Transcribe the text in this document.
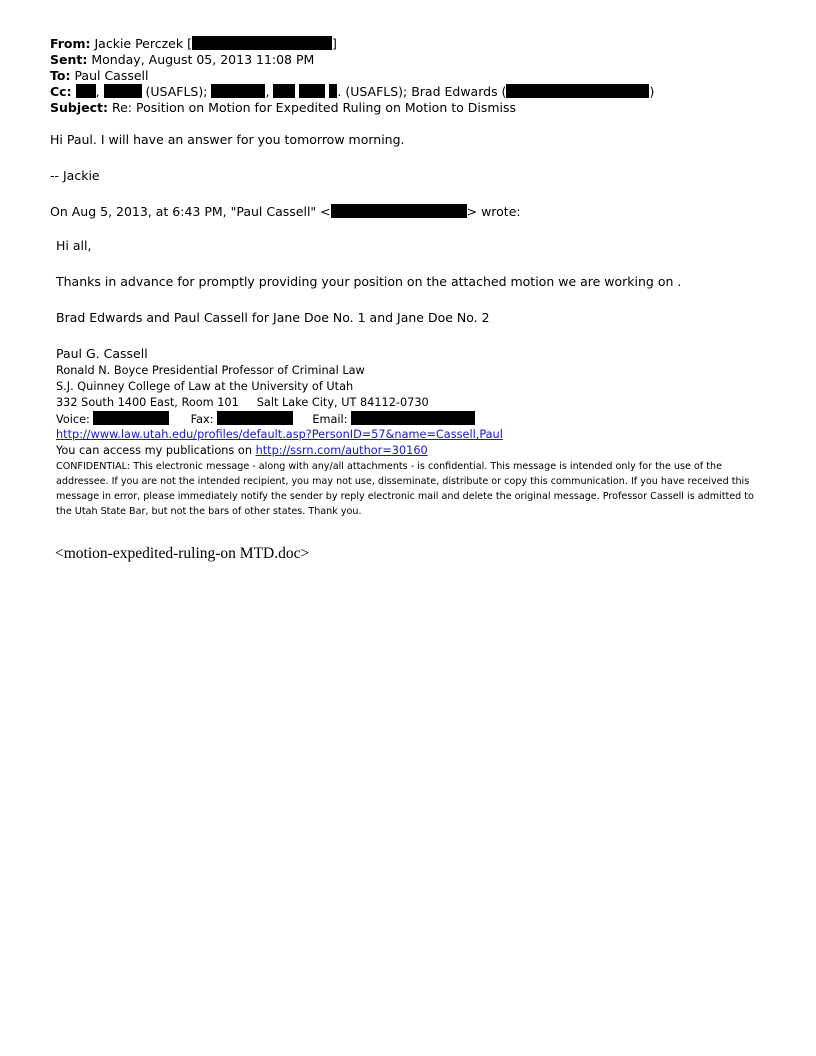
From: Jackie Perczek [	]
Sent: Monday, August 05, 2013 11:08 PM
To: Paul Cassell
Cc: ,	(USAFLS);	,	. (USAFLS); Brad Edwards (	)
Subject: Re: Position on Motion for Expedited Ruling on Motion to Dismiss
Hi Paul. I will have an answer for you tomorrow morning.
-- Jackie
On Aug 5, 2013, at 6:43 PM, "Paul Cassell" <	> wrote:
Hi all,
Thanks in advance for promptly providing your position on the attached motion we are working on .
Brad Edwards and Paul Cassell for Jane Doe No. 1 and Jane Doe No. 2
Paul G. Cassell
Ronald N. Boyce Presidential Professor of Criminal Law
S.J. Quinney College of Law at the University of Utah
332 South 1400 East, Room 101     Salt Lake City, UT 84112-0730
Voice:	Fax:	Email:
http://www.law.utah.edu/profiles/default.asp?PersonID=57&name=Cassell,Paul
You can access my publications on http://ssrn.com/author=30160
CONFIDENTIAL: This electronic message - along with any/all attachments - is confidential. This message is intended only for the use of the addressee. If you are not the intended recipient, you may not use, disseminate, distribute or copy this communication. If you have received this message in error, please immediately notify the sender by reply electronic mail and delete the original message. Professor Cassell is admitted to the Utah State Bar, but not the bars of other states. Thank you.
<motion-expedited-ruling-on MTD.doc>
